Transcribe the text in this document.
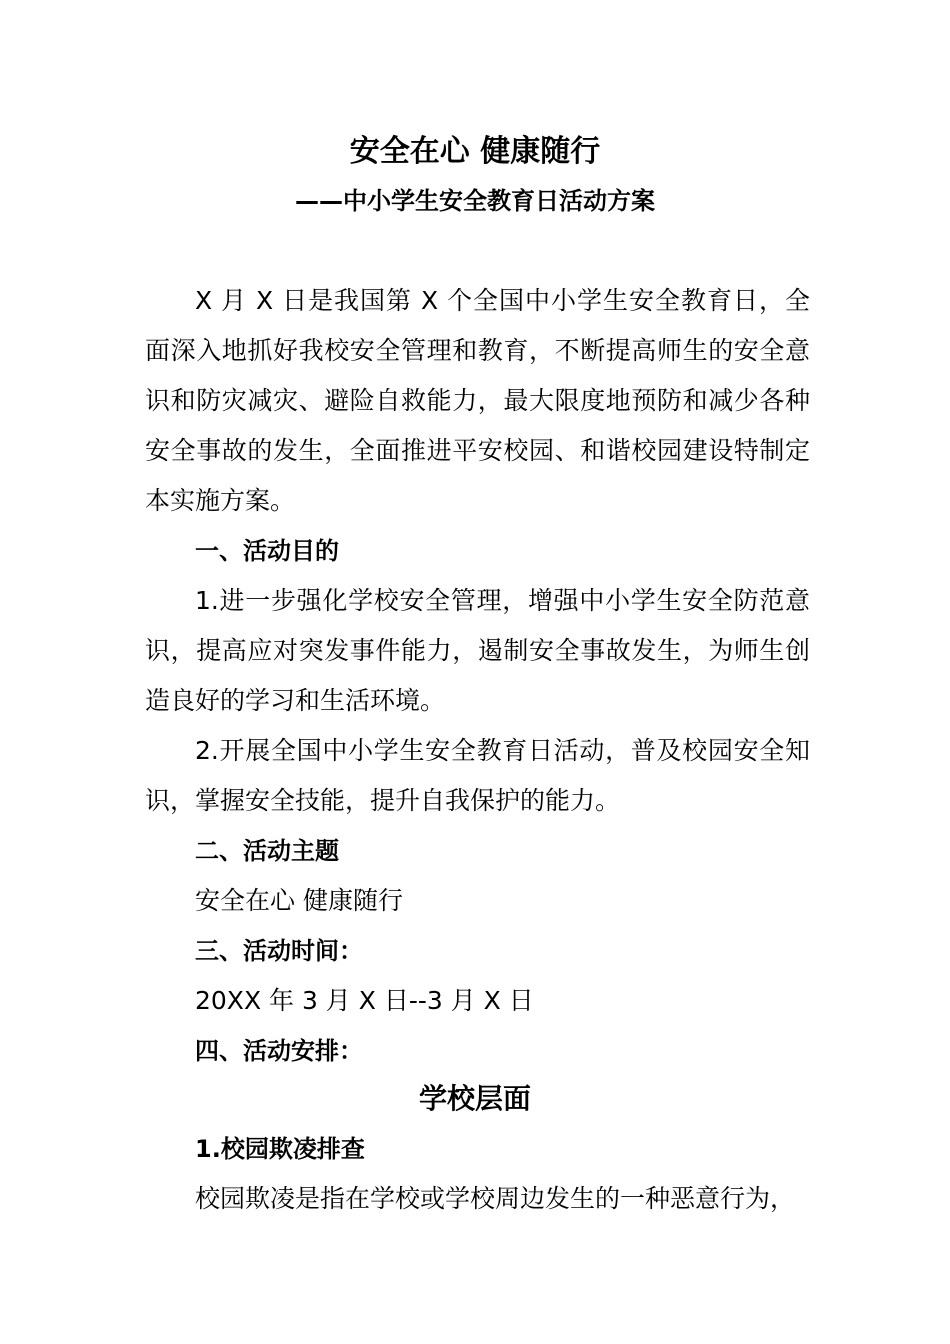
安全在心 健康随行
——中小学生安全教育日活动方案

X 月 X 日是我国第 X 个全国中小学生安全教育日，全面深入地抓好我校安全管理和教育，不断提高师生的安全意识和防灾减灾、避险自救能力，最大限度地预防和减少各种安全事故的发生，全面推进平安校园、和谐校园建设特制定本实施方案。

一、活动目的

1.进一步强化学校安全管理，增强中小学生安全防范意识，提高应对突发事件能力，遏制安全事故发生，为师生创造良好的学习和生活环境。

2.开展全国中小学生安全教育日活动，普及校园安全知识，掌握安全技能，提升自我保护的能力。

二、活动主题

安全在心 健康随行

三、活动时间：

20XX 年 3 月 X 日--3 月 X 日

四、活动安排：

学校层面

1.校园欺凌排查

校园欺凌是指在学校或学校周边发生的一种恶意行为，
